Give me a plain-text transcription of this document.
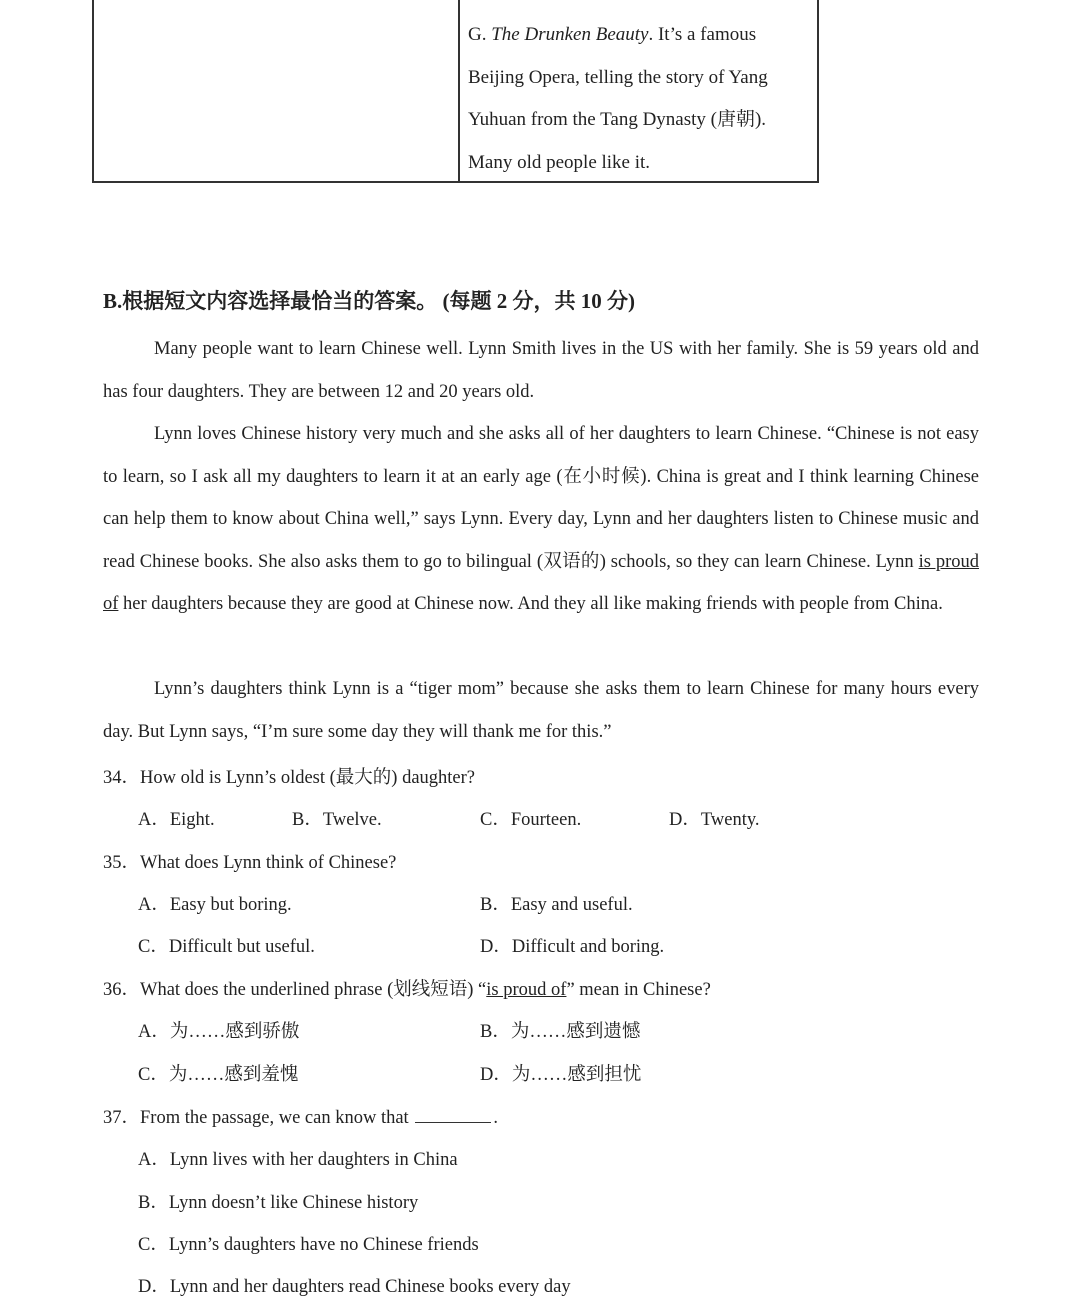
G. The Drunken Beauty. It’s a famous Beijing Opera, telling the story of Yang Yuhuan from the Tang Dynasty (唐朝). Many old people like it.
B.根据短文内容选择最恰当的答案。 (每题 2 分，共 10 分)
Many people want to learn Chinese well. Lynn Smith lives in the US with her family. She is 59 years old and has four daughters. They are between 12 and 20 years old.
Lynn loves Chinese history very much and she asks all of her daughters to learn Chinese. “Chinese is not easy to learn, so I ask all my daughters to learn it at an early age (在小时候). China is great and I think learning Chinese can help them to know about China well,” says Lynn. Every day, Lynn and her daughters listen to Chinese music and read Chinese books. She also asks them to go to bilingual (双语的) schools, so they can learn Chinese. Lynn is proud of her daughters because they are good at Chinese now. And they all like making friends with people from China.
Lynn’s daughters think Lynn is a “tiger mom” because she asks them to learn Chinese for many hours every day. But Lynn says, “I’m sure some day they will thank me for this.”
34．How old is Lynn’s oldest (最大的) daughter?
A．Eight.	B．Twelve.	C．Fourteen.	D．Twenty.
35．What does Lynn think of Chinese?
A．Easy but boring.	B．Easy and useful.
C．Difficult but useful.	D．Difficult and boring.
36．What does the underlined phrase (划线短语) “is proud of” mean in Chinese?
A．为……感到骄傲	B．为……感到遗憾
C．为……感到羞愧	D．为……感到担忧
37．From the passage, we can know that	.
A．Lynn lives with her daughters in China
B．Lynn doesn’t like Chinese history
C．Lynn’s daughters have no Chinese friends
D．Lynn and her daughters read Chinese books every day
